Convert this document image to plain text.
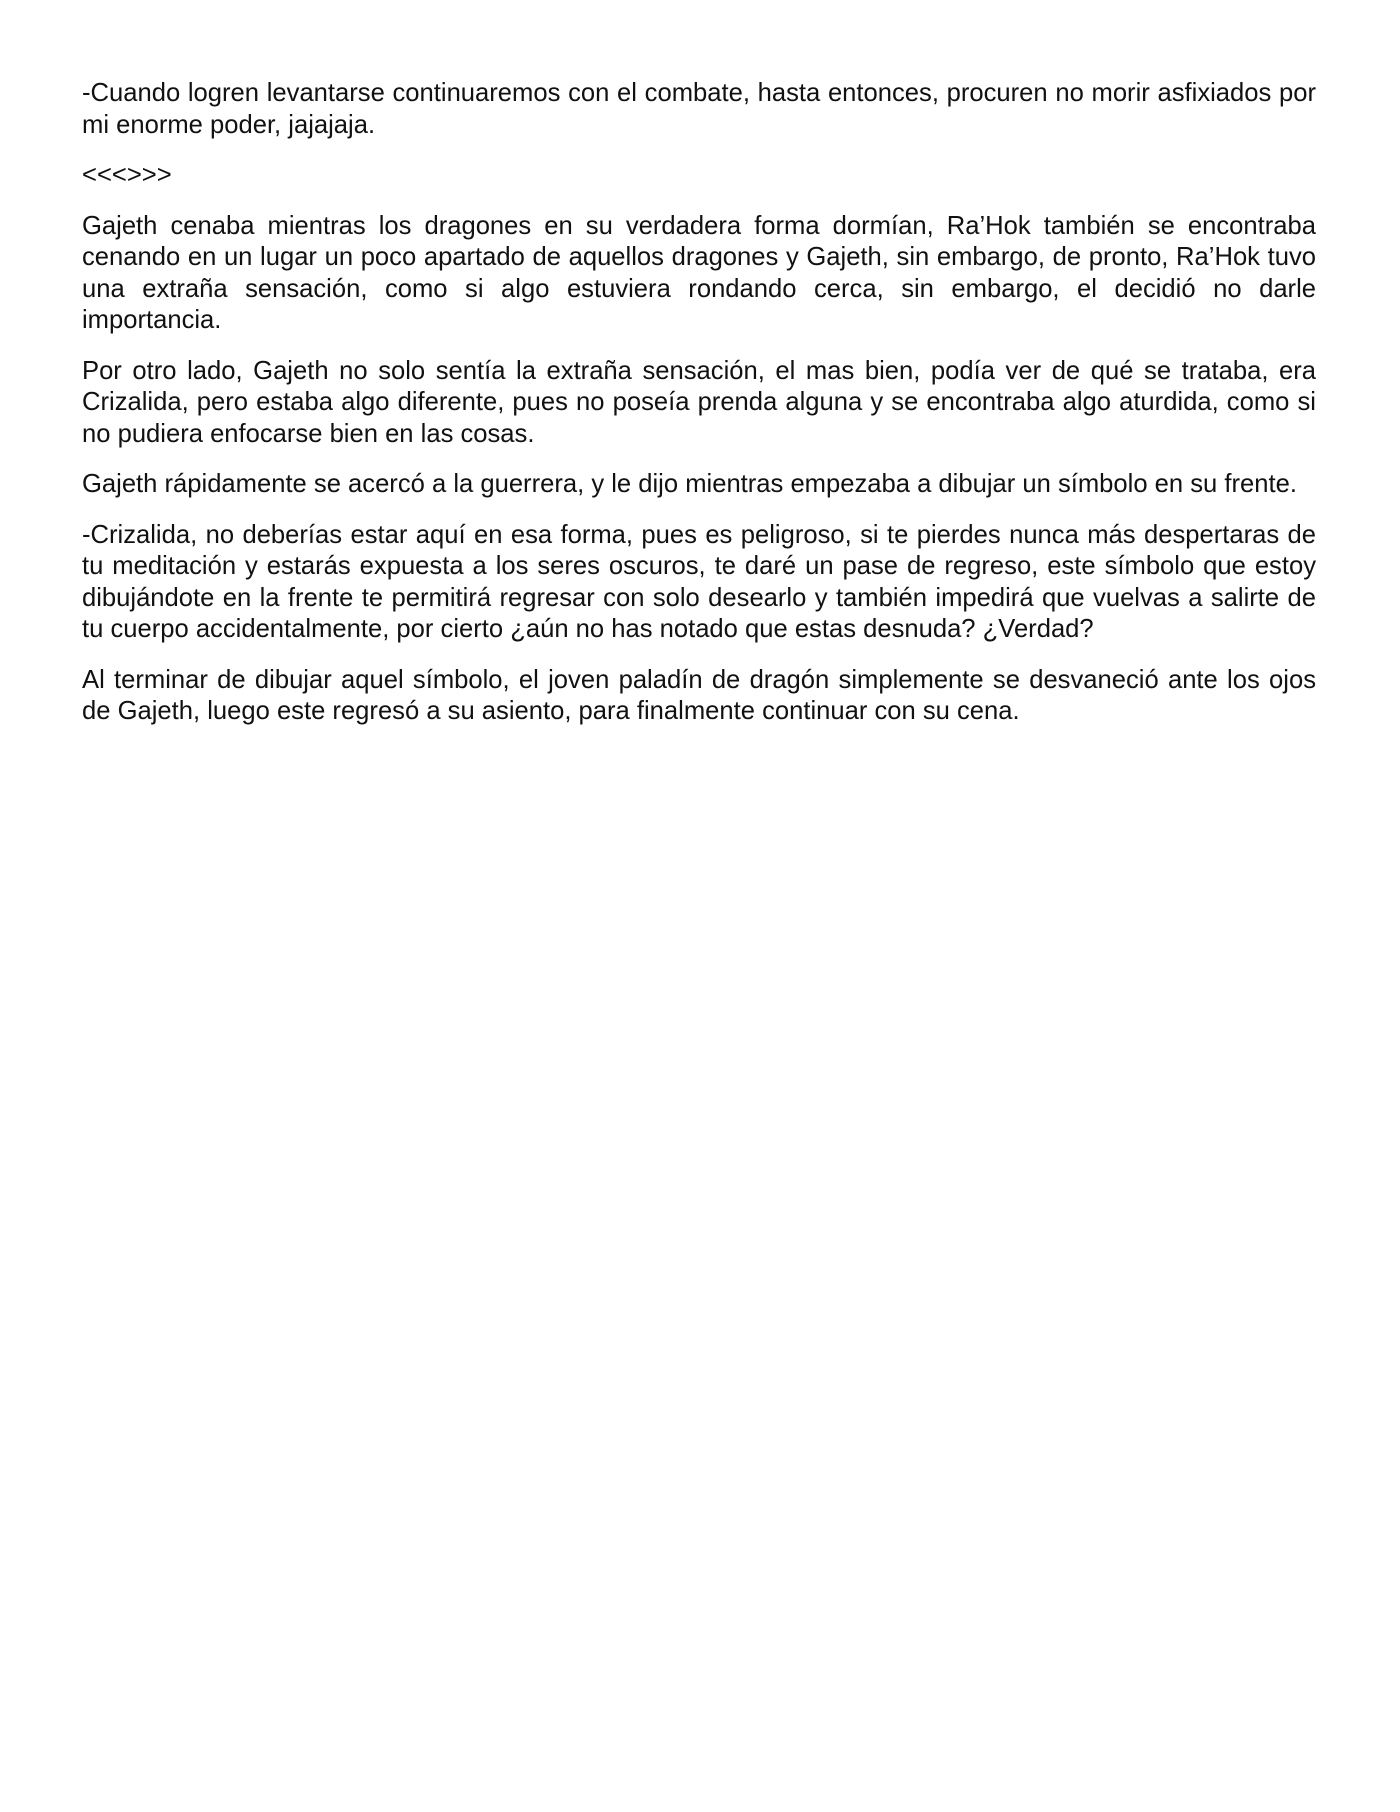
-Cuando logren levantarse continuaremos con el combate, hasta entonces, procuren no morir asfixiados por mi enorme poder, jajajaja.

<<<>>>

Gajeth cenaba mientras los dragones en su verdadera forma dormían, Ra’Hok también se encontraba cenando en un lugar un poco apartado de aquellos dragones y Gajeth, sin embargo, de pronto, Ra’Hok tuvo una extraña sensación, como si algo estuviera rondando cerca, sin embargo, el decidió no darle importancia.

Por otro lado, Gajeth no solo sentía la extraña sensación, el mas bien, podía ver de qué se trataba, era Crizalida, pero estaba algo diferente, pues no poseía prenda alguna y se encontraba algo aturdida, como si no pudiera enfocarse bien en las cosas.

Gajeth rápidamente se acercó a la guerrera, y le dijo mientras empezaba a dibujar un símbolo en su frente.

-Crizalida, no deberías estar aquí en esa forma, pues es peligroso, si te pierdes nunca más despertaras de tu meditación y estarás expuesta a los seres oscuros, te daré un pase de regreso, este símbolo que estoy dibujándote en la frente te permitirá regresar con solo desearlo y también impedirá que vuelvas a salirte de tu cuerpo accidentalmente, por cierto ¿aún no has notado que estas desnuda? ¿Verdad?

Al terminar de dibujar aquel símbolo, el joven paladín de dragón simplemente se desvaneció ante los ojos de Gajeth, luego este regresó a su asiento, para finalmente continuar con su cena.
